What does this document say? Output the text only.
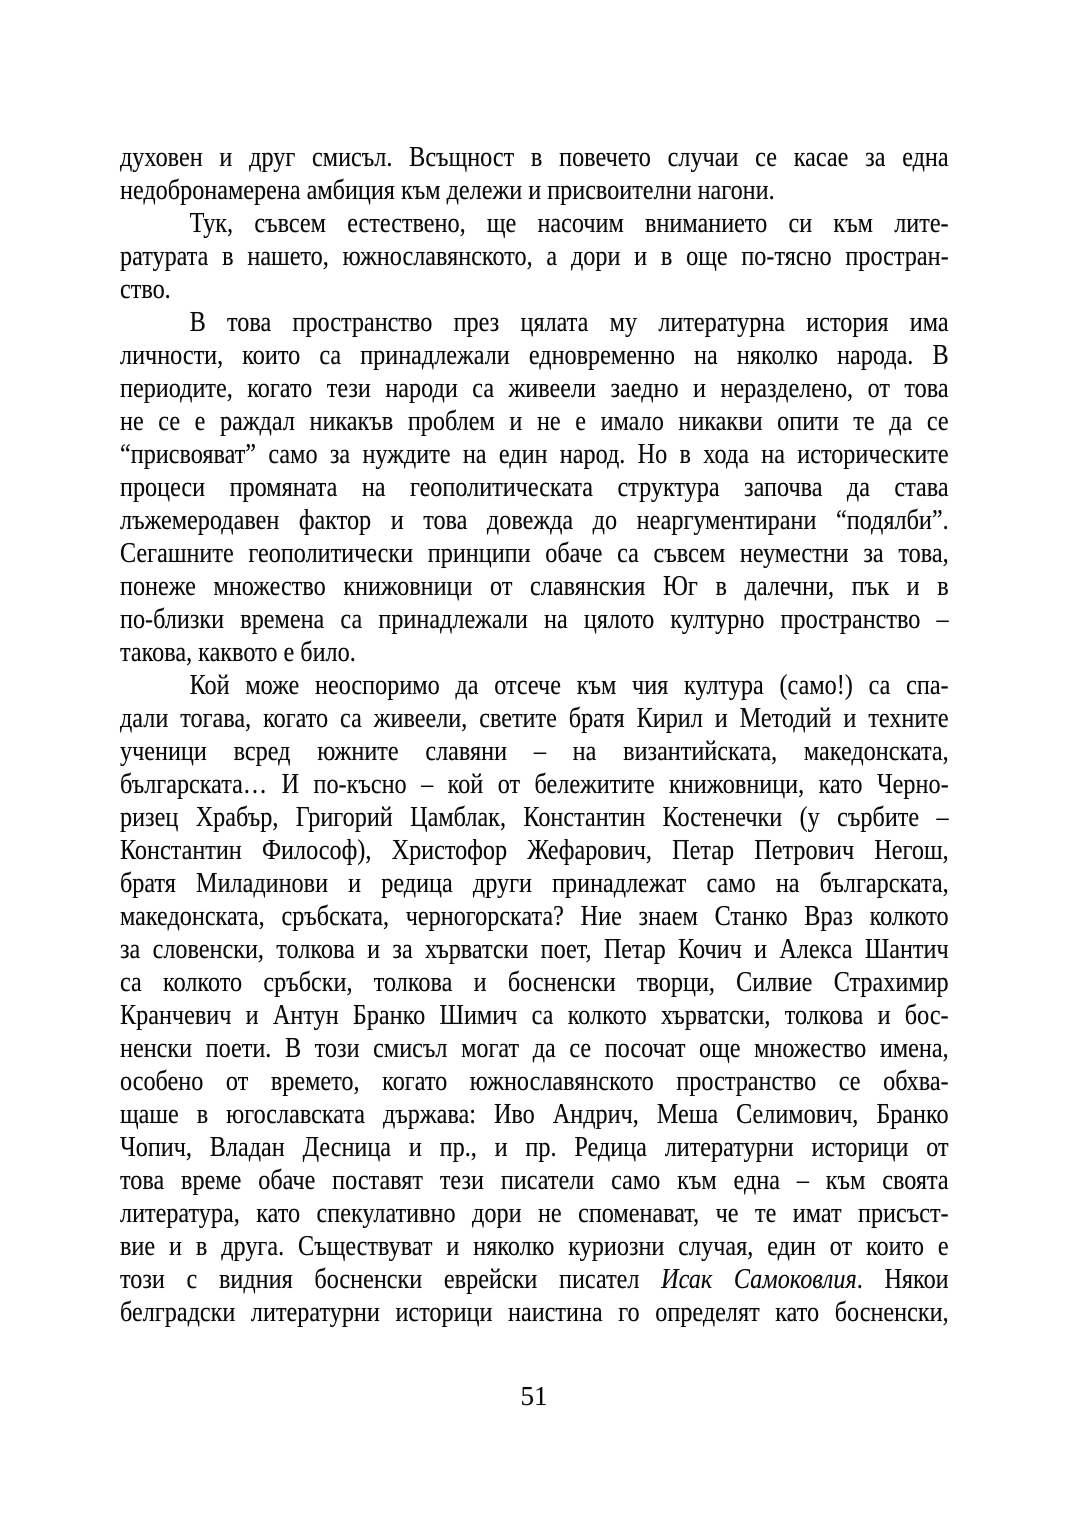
духовен и друг смисъл. Всъщност в повечето случаи се касае за една
недобронамерена амбиция към дележи и присвоителни нагони.
Тук, съвсем естествено, ще насочим вниманието си към лите-
ратурата в нашето, южнославянското, а дори и в още по-тясно простран-
ство.
В това пространство през цялата му литературна история има
личности, които са принадлежали едновременно на няколко народа. В
периодите, когато тези народи са живеели заедно и неразделено, от това
не се е раждал никакъв проблем и не е имало никакви опити те да се
“присвояват” само за нуждите на един народ. Но в хода на историческите
процеси промяната на геополитическата структура започва да става
лъжемеродавен фактор и това довежда до неаргументирани “подялби”.
Сегашните геополитически принципи обаче са съвсем неуместни за това,
понеже множество книжовници от славянския Юг в далечни, пък и в
по-близки времена са принадлежали на цялото културно пространство –
такова, каквото е било.
Кой може неоспоримо да отсече към чия култура (само!) са спа-
дали тогава, когато са живеели, светите братя Кирил и Методий и техните
ученици всред южните славяни – на византийската, македонската,
българската… И по-късно – кой от бележитите книжовници, като Черно-
ризец Храбър, Григорий Цамблак, Константин Костенечки (у сърбите –
Константин Философ), Христофор Жефарович, Петар Петрович Негош,
братя Миладинови и редица други принадлежат само на българската,
македонската, сръбската, черногорската? Ние знаем Станко Враз колкото
за словенски, толкова и за хърватски поет, Петар Кочич и Алекса Шантич
са колкото сръбски, толкова и босненски творци, Силвие Страхимир
Кранчевич и Антун Бранко Шимич са колкото хърватски, толкова и бос-
ненски поети. В този смисъл могат да се посочат още множество имена,
особено от времето, когато южнославянското пространство се обхва-
щаше в югославската държава: Иво Андрич, Меша Селимович, Бранко
Чопич, Владан Десница и пр., и пр. Редица литературни историци от
това време обаче поставят тези писатели само към една – към своята
литература, като спекулативно дори не споменават, че те имат присъст-
вие и в друга. Съществуват и няколко куриозни случая, един от които е
този с видния босненски еврейски писател Исак Самоковлия. Някои
белградски литературни историци наистина го определят като босненски,
51
